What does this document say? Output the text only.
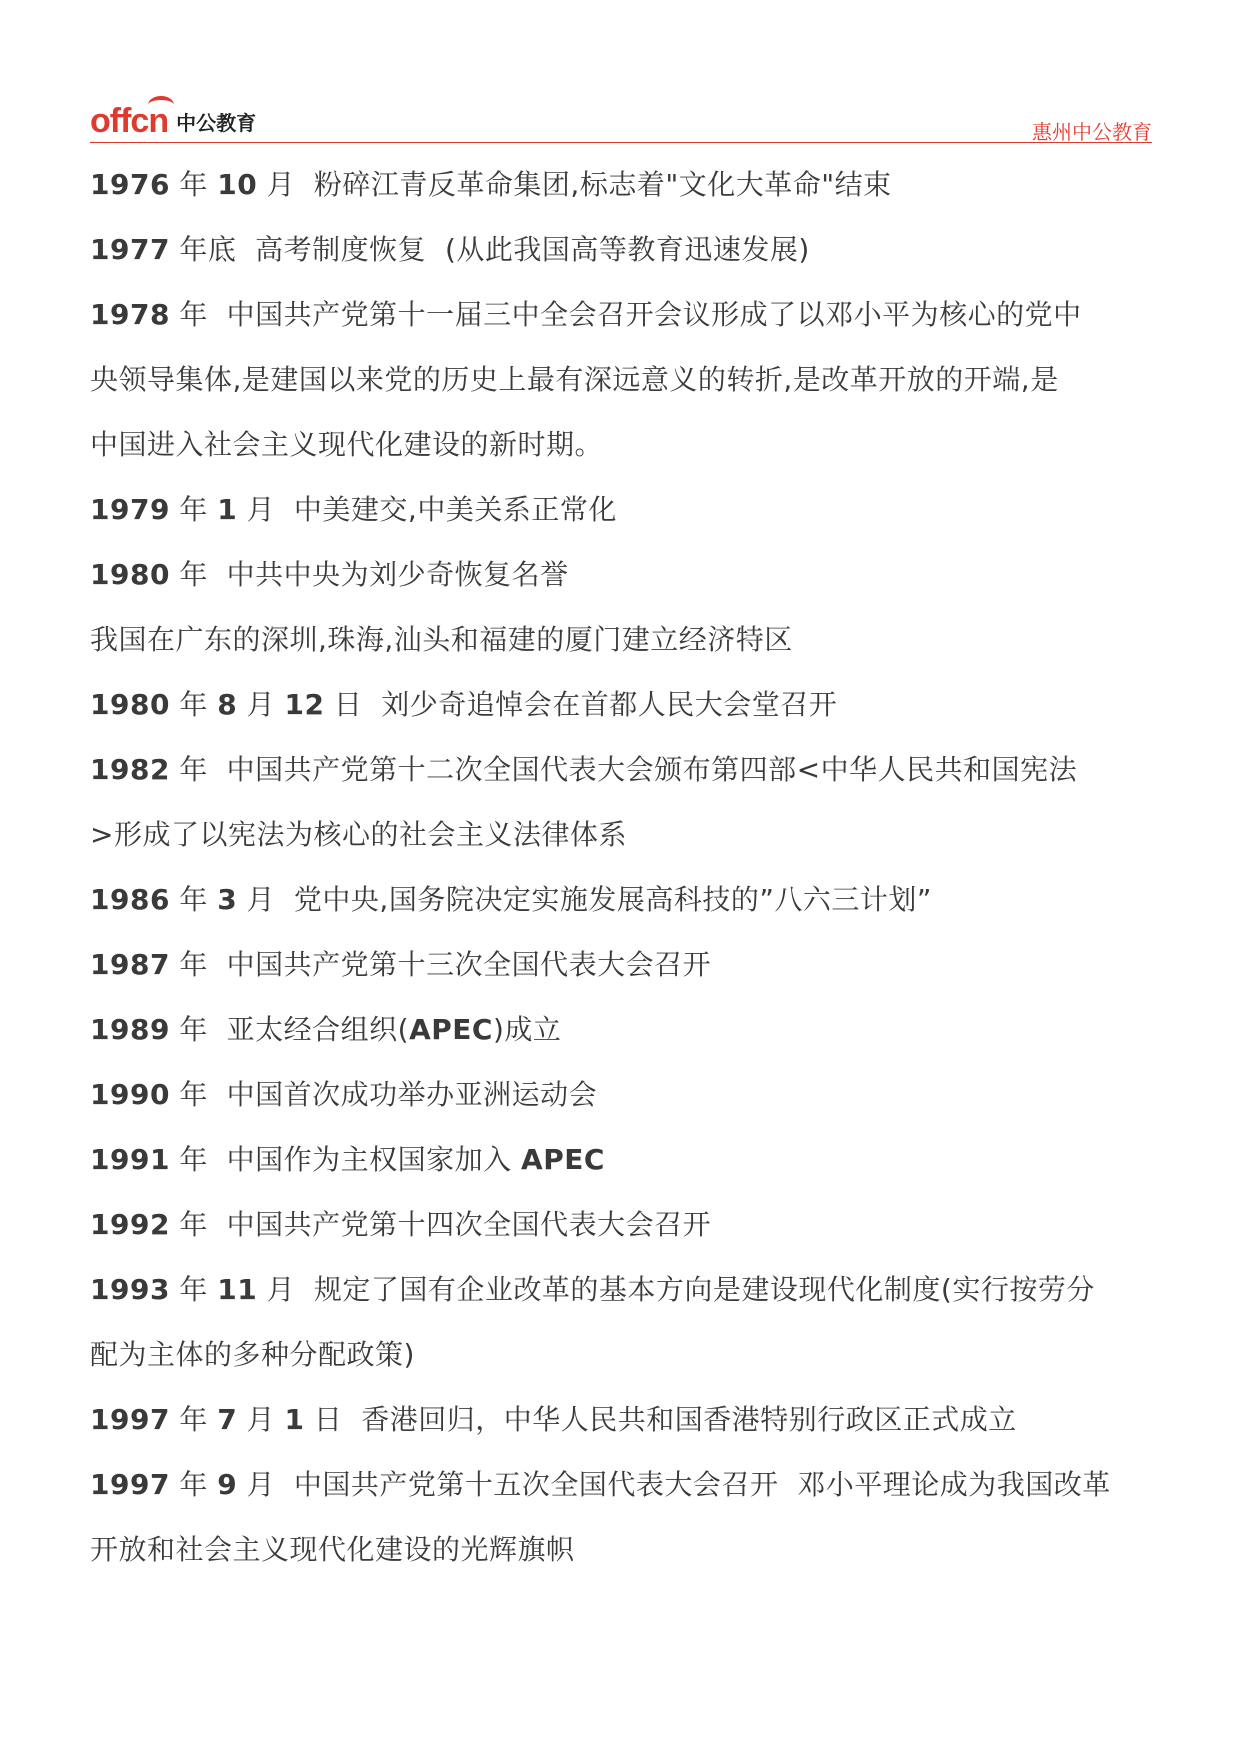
offcn 中公教育	惠州中公教育

1976 年 10 月  粉碎江青反革命集团,标志着"文化大革命"结束

1977 年底  高考制度恢复  (从此我国高等教育迅速发展)

1978 年  中国共产党第十一届三中全会召开会议形成了以邓小平为核心的党中

央领导集体,是建国以来党的历史上最有深远意义的转折,是改革开放的开端,是

中国进入社会主义现代化建设的新时期。

1979 年 1 月  中美建交,中美关系正常化

1980 年  中共中央为刘少奇恢复名誉

我国在广东的深圳,珠海,汕头和福建的厦门建立经济特区

1980 年 8 月 12 日  刘少奇追悼会在首都人民大会堂召开

1982 年  中国共产党第十二次全国代表大会颁布第四部<中华人民共和国宪法

>形成了以宪法为核心的社会主义法律体系

1986 年 3 月  党中央,国务院决定实施发展高科技的”八六三计划”

1987 年  中国共产党第十三次全国代表大会召开

1989 年  亚太经合组织(APEC)成立

1990 年  中国首次成功举办亚洲运动会

1991 年  中国作为主权国家加入 APEC

1992 年  中国共产党第十四次全国代表大会召开

1993 年 11 月  规定了国有企业改革的基本方向是建设现代化制度(实行按劳分

配为主体的多种分配政策)

1997 年 7 月 1 日  香港回归，中华人民共和国香港特别行政区正式成立

1997 年 9 月  中国共产党第十五次全国代表大会召开  邓小平理论成为我国改革

开放和社会主义现代化建设的光辉旗帜
